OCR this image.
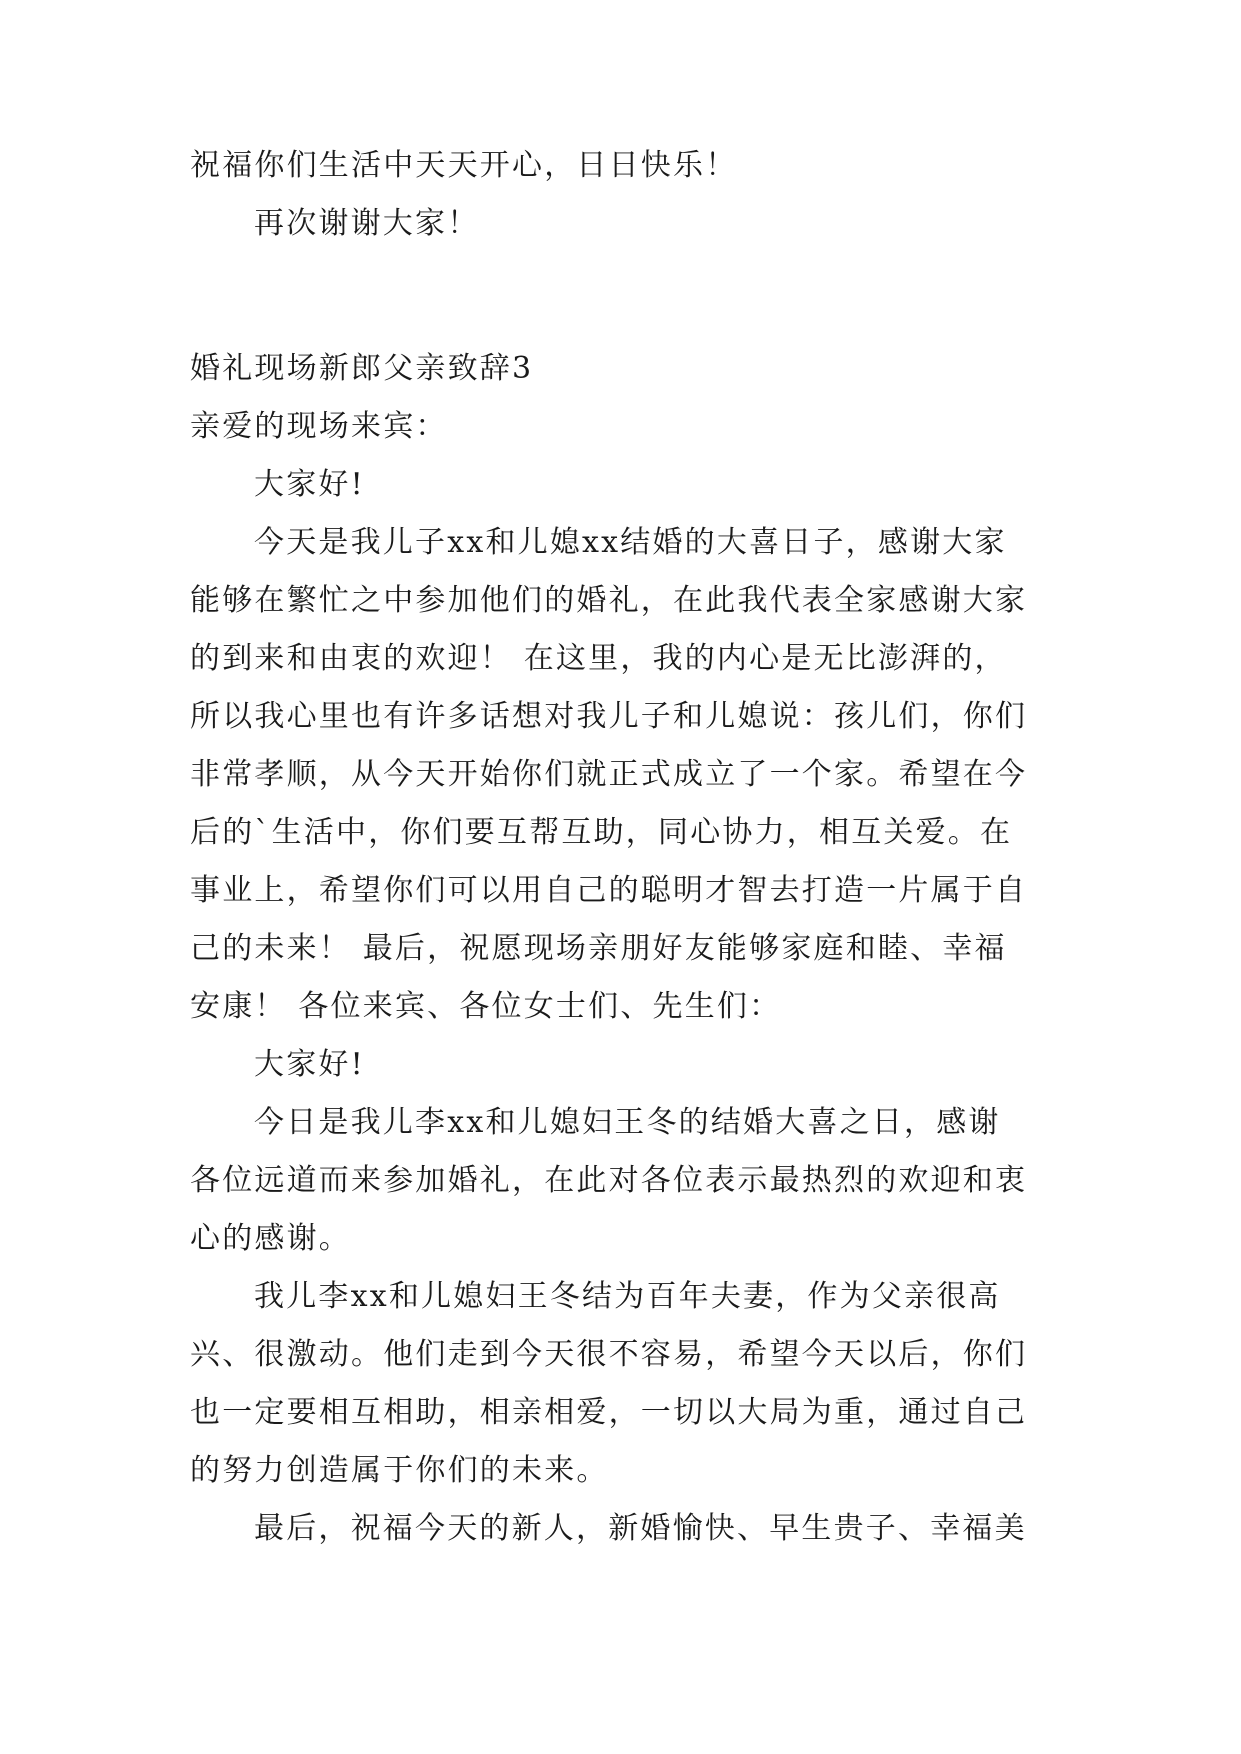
祝福你们生活中天天开心，日日快乐！
再次谢谢大家！
婚礼现场新郎父亲致辞3
亲爱的现场来宾：
大家好!
今天是我儿子xx和儿媳xx结婚的大喜日子，感谢大家
能够在繁忙之中参加他们的婚礼，在此我代表全家感谢大家
的到来和由衷的欢迎！ 在这里，我的内心是无比澎湃的，
所以我心里也有许多话想对我儿子和儿媳说：孩儿们，你们
非常孝顺，从今天开始你们就正式成立了一个家。希望在今
后的`生活中，你们要互帮互助，同心协力，相互关爱。在
事业上，希望你们可以用自己的聪明才智去打造一片属于自
己的未来！ 最后，祝愿现场亲朋好友能够家庭和睦、幸福
安康！ 各位来宾、各位女士们、先生们：
大家好!
今日是我儿李xx和儿媳妇王冬的结婚大喜之日，感谢
各位远道而来参加婚礼，在此对各位表示最热烈的欢迎和衷
心的感谢。
我儿李xx和儿媳妇王冬结为百年夫妻，作为父亲很高
兴、很激动。他们走到今天很不容易，希望今天以后，你们
也一定要相互相助，相亲相爱，一切以大局为重，通过自己
的努力创造属于你们的未来。
最后，祝福今天的新人，新婚愉快、早生贵子、幸福美
